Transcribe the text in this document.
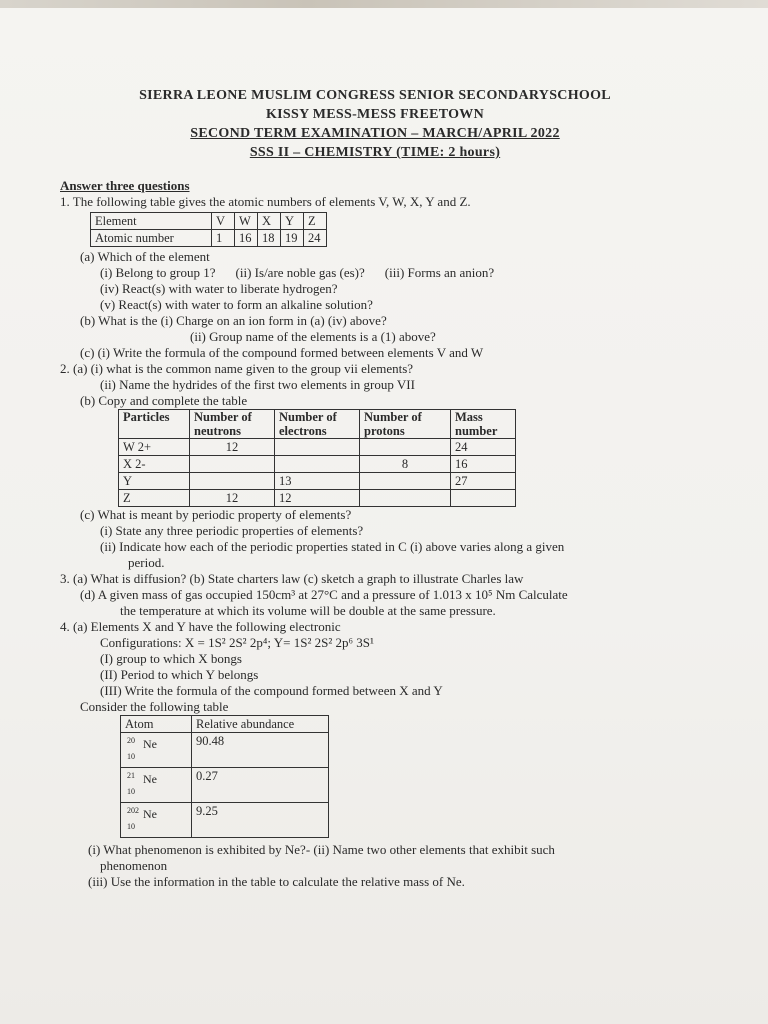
SIERRA LEONE MUSLIM CONGRESS SENIOR SECONDARYSCHOOL
KISSY MESS-MESS FREETOWN
SECOND TERM EXAMINATION – MARCH/APRIL 2022
SSS II – CHEMISTRY (TIME: 2 hours)
Answer three questions
1. The following table gives the atomic numbers of elements V, W, X, Y and Z.
Element	V	W	X	Y	Z
Atomic number	1	16	18	19	24
(a) Which of the element
(i) Belong to group 1? (ii) Is/are noble gas (es)? (iii) Forms an anion?
(iv) React(s) with water to liberate hydrogen?
(v) React(s) with water to form an alkaline solution?
(b) What is the (i) Charge on an ion form in (a) (iv) above?
(ii) Group name of the elements is a (1) above?
(c) (i) Write the formula of the compound formed between elements V and W
2. (a) (i) what is the common name given to the group vii elements?
(ii) Name the hydrides of the first two elements in group VII
(b) Copy and complete the table
Particles	Number of neutrons	Number of electrons	Number of protons	Mass number
W 2+	12			24
X 2-			8	16
Y		13		27
Z	12	12		
(c) What is meant by periodic property of elements?
(i) State any three periodic properties of elements?
(ii) Indicate how each of the periodic properties stated in C (i) above varies along a given
period.
3. (a) What is diffusion? (b) State charters law (c) sketch a graph to illustrate Charles law
(d) A given mass of gas occupied 150cm³ at 27°C and a pressure of 1.013 x 10⁵ Nm Calculate
the temperature at which its volume will be double at the same pressure.
4. (a) Elements X and Y have the following electronic
Configurations: X = 1S² 2S² 2p⁴; Y= 1S² 2S² 2p⁶ 3S¹
(I) group to which X bongs
(II) Period to which Y belongs
(III) Write the formula of the compound formed between X and Y
Consider the following table
Atom	Relative abundance

20 Ne
10	90.48

21 Ne
10	0.27

202 Ne
10	9.25
(i) What phenomenon is exhibited by Ne?- (ii) Name two other elements that exhibit such
phenomenon
(iii) Use the information in the table to calculate the relative mass of Ne.
